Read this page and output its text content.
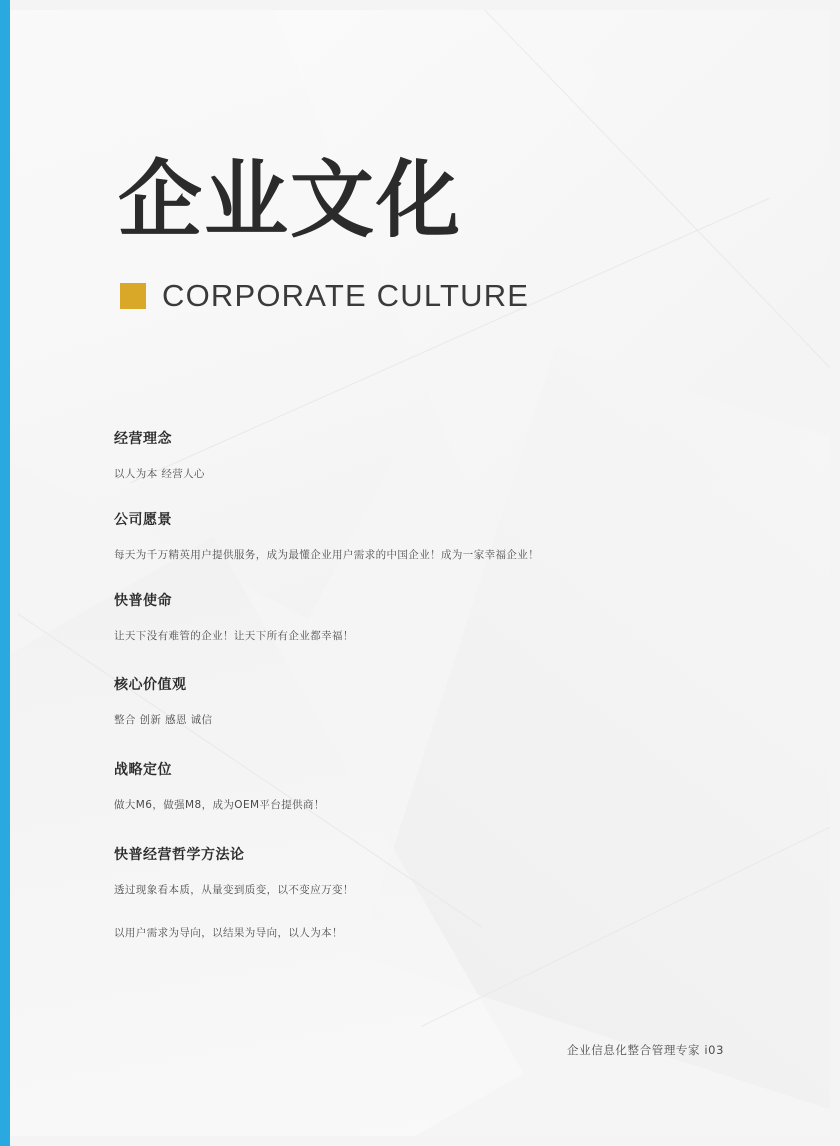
企业文化
CORPORATE CULTURE

经营理念

以人为本 经营人心

公司愿景

每天为千万精英用户提供服务，成为最懂企业用户需求的中国企业！成为一家幸福企业！

快普使命

让天下没有难管的企业！让天下所有企业都幸福！

核心价值观

整合 创新 感恩 诚信

战略定位

做大M6，做强M8，成为OEM平台提供商！

快普经营哲学方法论

透过现象看本质，从量变到质变，以不变应万变！

以用户需求为导向，以结果为导向，以人为本！

企业信息化整合管理专家 i03
